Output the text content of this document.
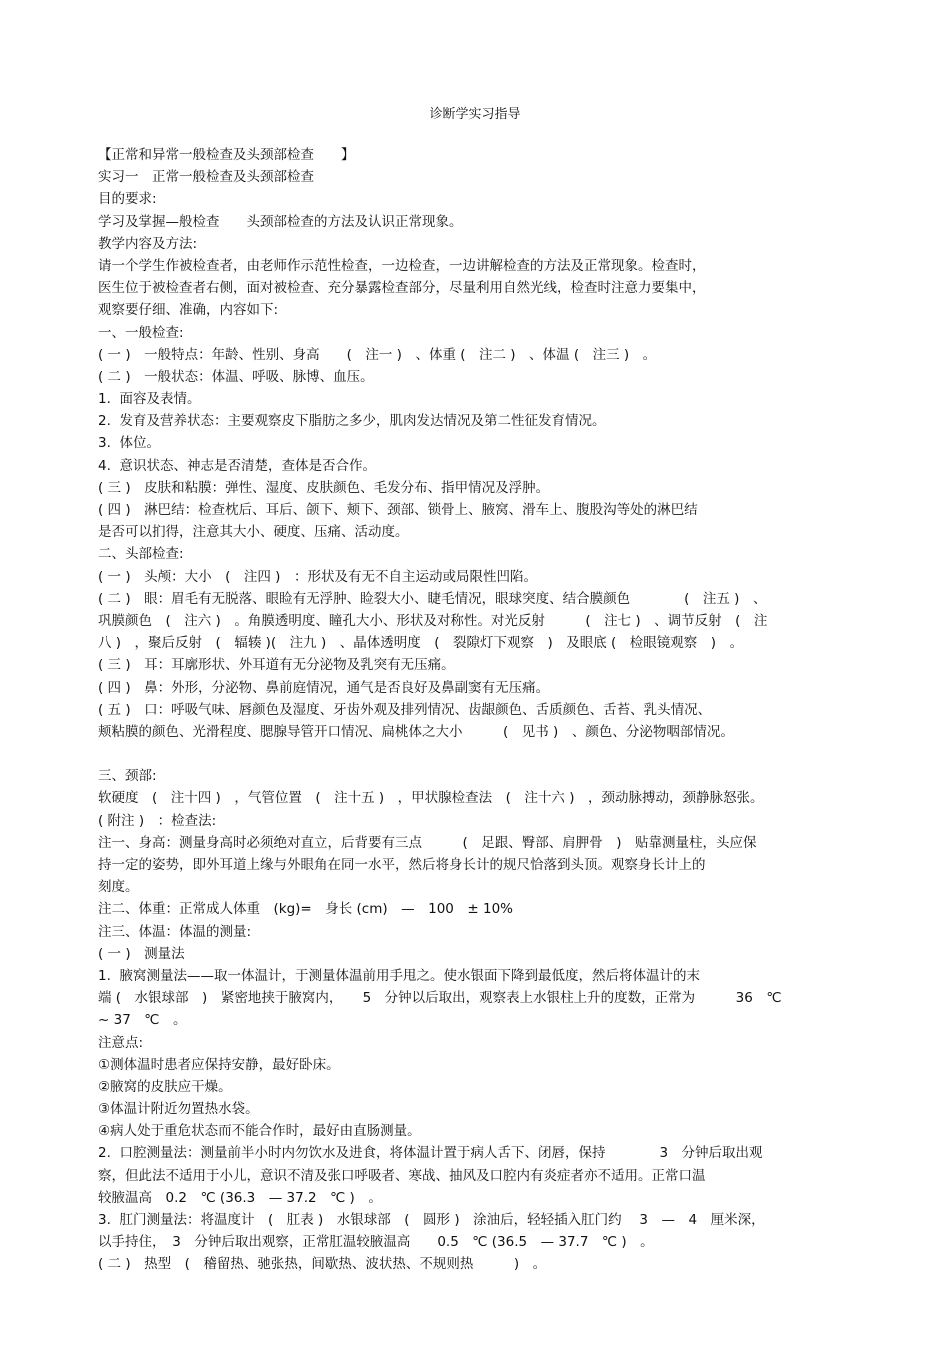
诊断学实习指导
【正常和异常一般检查及头颈部检查　　】
实习一　正常一般检查及头颈部检查
目的要求:
学习及掌握—般检查　　头颈部检查的方法及认识正常现象。
教学内容及方法:
请一个学生作被检查者，由老师作示范性检查，一边检查，一边讲解检查的方法及正常现象。检查时，
医生位于被检查者右侧，面对被检查、充分暴露检查部分，尽量利用自然光线，检查时注意力要集中，
观察要仔细、准确，内容如下:
一、一般检查:
( 一 )　一般特点：年龄、性别、身高　　(　注一 )　、体重 (　注二 )　、体温 (　注三 )　。
( 二 )　一般状态：体温、呼吸、脉博、血压。
1.  面容及表情。
2.  发育及营养状态：主要观察皮下脂肪之多少，肌肉发达情况及第二性征发育情况。
3.  体位。
4.  意识状态、神志是否清楚，查体是否合作。
( 三 )　皮肤和粘膜：弹性、湿度、皮肤颜色、毛发分布、指甲情况及浮肿。
( 四 )　淋巴结：检查枕后、耳后、颌下、颊下、颈部、锁骨上、腋窝、滑车上、腹股沟等处的淋巴结
是否可以扪得，注意其大小、硬度、压痛、活动度。
二、头部检查:
( 一 )　头颅：大小　(　注四 )　：形状及有无不自主运动或局限性凹陷。
( 二 )　眼：眉毛有无脱落、眼睑有无浮肿、睑裂大小、睫毛情况，眼球突度、结合膜颜色　　　　(　注五 )　、
巩膜颜色　(　注六 )　。角膜透明度、瞳孔大小、形状及对称性。对光反射　　　(　注七 )　、调节反射　(　注
八 )　，聚后反射　(　辐辏 )(　注九 )　、晶体透明度　(　裂隙灯下观察　)　及眼底 (　检眼镜观察　)　。
( 三 )　耳：耳廓形状、外耳道有无分泌物及乳突有无压痛。
( 四 )　鼻：外形，分泌物、鼻前庭情况，通气是否良好及鼻副窦有无压痛。
( 五 )　口：呼吸气味、唇颜色及湿度、牙齿外观及排列情况、齿龈颜色、舌质颜色、舌苔、乳头情况、
颊粘膜的颜色、光滑程度、腮腺导管开口情况、扁桃体之大小　　　(　见书 )　、颜色、分泌物咽部情况。
三、颈部:
软硬度　(　注十四 )　，气管位置　(　注十五 )　，甲状腺检查法　(　注十六 )　，颈动脉搏动，颈静脉怒张。
( 附注 )　：检查法:
注一、身高：测量身高时必须绝对直立，后背要有三点　　　(　足跟、臀部、肩胛骨　)　贴靠测量柱，头应保
持一定的姿势，即外耳道上缘与外眼角在同一水平，然后将身长计的规尺恰落到头顶。观察身长计上的
刻度。
注二、体重：正常成人体重　(kg)=　身长 (cm)　—　100　± 10%
注三、体温：体温的测量:
( 一 )　测量法
1.  腋窝测量法——取一体温计，于测量体温前用手甩之。使水银面下降到最低度，然后将体温计的末
端 (　水银球部　)　紧密地挟于腋窝内，　　5　分钟以后取出，观察表上水银柱上升的度数，正常为　　　36　℃
~ 37　℃　。
注意点:
①测体温时患者应保持安静，最好卧床。
②腋窝的皮肤应干燥。
③体温计附近勿置热水袋。
④病人处于重危状态而不能合作时，最好由直肠测量。
2.  口腔测量法：测量前半小时内勿饮水及进食，将体温计置于病人舌下、闭唇，保持　　　　3　分钟后取出观
察，但此法不适用于小儿，意识不清及张口呼吸者、寒战、抽风及口腔内有炎症者亦不适用。正常口温
较腋温高　0.2　℃ (36.3　— 37.2　℃ )　。
3.  肛门测量法：将温度计　(　肛表 )　水银球部　(　圆形 )　涂油后，轻轻插入肛门约　 3　—　4　厘米深，
以手持住，　3　分钟后取出观察，正常肛温较腋温高　　0.5　℃ (36.5　— 37.7　℃ )　。
( 二 )　热型　(　稽留热、驰张热，间歇热、波状热、不规则热　　　)　。
